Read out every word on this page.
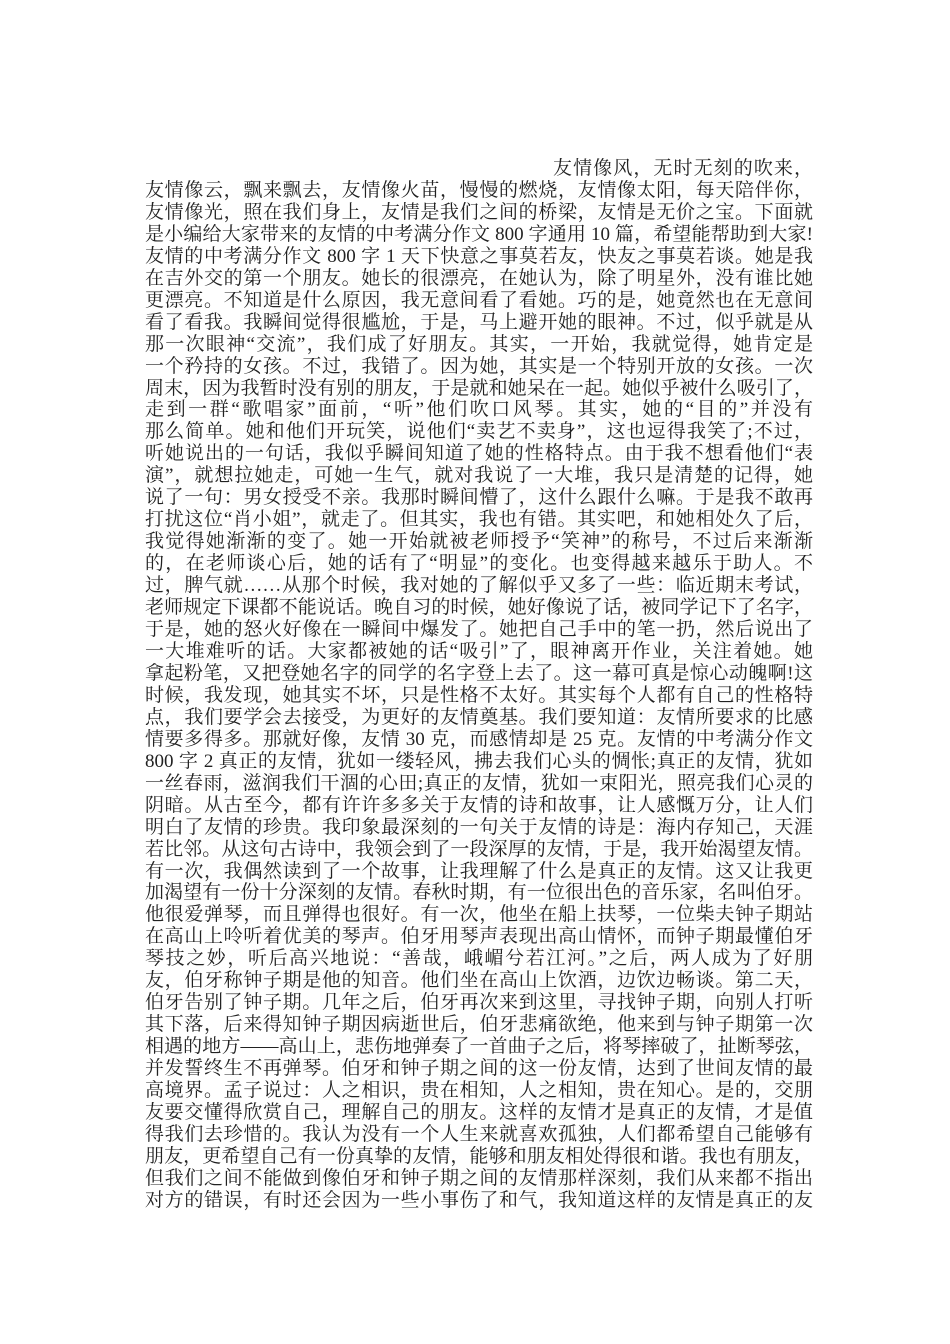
友情像风，无时无刻的吹来，
友情像云，飘来飘去，友情像火苗，慢慢的燃烧，友情像太阳，每天陪伴你，
友情像光，照在我们身上，友情是我们之间的桥梁，友情是无价之宝。下面就
是小编给大家带来的友情的中考满分作文 800 字通用 10 篇，希望能帮助到大家!
友情的中考满分作文 800 字 1 天下快意之事莫若友，快友之事莫若谈。她是我
在吉外交的第一个朋友。她长的很漂亮，在她认为，除了明星外，没有谁比她
更漂亮。不知道是什么原因，我无意间看了看她。巧的是，她竟然也在无意间
看了看我。我瞬间觉得很尴尬，于是，马上避开她的眼神。不过，似乎就是从
那一次眼神“交流”，我们成了好朋友。其实，一开始，我就觉得，她肯定是
一个矜持的女孩。不过，我错了。因为她，其实是一个特别开放的女孩。一次
周末，因为我暂时没有别的朋友，于是就和她呆在一起。她似乎被什么吸引了，
走到一群“歌唱家”面前，“听”他们吹口风琴。其实，她的“目的”并没有
那么简单。她和他们开玩笑，说他们“卖艺不卖身”，这也逗得我笑了;不过，
听她说出的一句话，我似乎瞬间知道了她的性格特点。由于我不想看他们“表
演”，就想拉她走，可她一生气，就对我说了一大堆，我只是清楚的记得，她
说了一句：男女授受不亲。我那时瞬间懵了，这什么跟什么嘛。于是我不敢再
打扰这位“肖小姐”，就走了。但其实，我也有错。其实吧，和她相处久了后，
我觉得她渐渐的变了。她一开始就被老师授予“笑神”的称号，不过后来渐渐
的，在老师谈心后，她的话有了“明显”的变化。也变得越来越乐于助人。不
过，脾气就……从那个时候，我对她的了解似乎又多了一些：临近期末考试，
老师规定下课都不能说话。晚自习的时候，她好像说了话，被同学记下了名字，
于是，她的怒火好像在一瞬间中爆发了。她把自己手中的笔一扔，然后说出了
一大堆难听的话。大家都被她的话“吸引”了，眼神离开作业，关注着她。她
拿起粉笔，又把登她名字的同学的名字登上去了。这一幕可真是惊心动魄啊!这
时候，我发现，她其实不坏，只是性格不太好。其实每个人都有自己的性格特
点，我们要学会去接受，为更好的友情奠基。我们要知道：友情所要求的比感
情要多得多。那就好像，友情 30 克，而感情却是 25 克。友情的中考满分作文
800 字 2 真正的友情，犹如一缕轻风，拂去我们心头的惆怅;真正的友情，犹如
一丝春雨，滋润我们干涸的心田;真正的友情，犹如一束阳光，照亮我们心灵的
阴暗。从古至今，都有许许多多关于友情的诗和故事，让人感慨万分，让人们
明白了友情的珍贵。我印象最深刻的一句关于友情的诗是：海内存知己，天涯
若比邻。从这句古诗中，我领会到了一段深厚的友情，于是，我开始渴望友情。
有一次，我偶然读到了一个故事，让我理解了什么是真正的友情。这又让我更
加渴望有一份十分深刻的友情。春秋时期，有一位很出色的音乐家，名叫伯牙。
他很爱弹琴，而且弹得也很好。有一次，他坐在船上扶琴，一位柴夫钟子期站
在高山上呤听着优美的琴声。伯牙用琴声表现出高山情怀，而钟子期最懂伯牙
琴技之妙，听后高兴地说：“善哉，峨嵋兮若江河。”之后，两人成为了好朋
友，伯牙称钟子期是他的知音。他们坐在高山上饮酒，边饮边畅谈。第二天，
伯牙告别了钟子期。几年之后，伯牙再次来到这里，寻找钟子期，向别人打听
其下落，后来得知钟子期因病逝世后，伯牙悲痛欲绝，他来到与钟子期第一次
相遇的地方——高山上，悲伤地弹奏了一首曲子之后，将琴摔破了，扯断琴弦，
并发誓终生不再弹琴。伯牙和钟子期之间的这一份友情，达到了世间友情的最
高境界。孟子说过：人之相识，贵在相知，人之相知，贵在知心。是的，交朋
友要交懂得欣赏自己，理解自己的朋友。这样的友情才是真正的友情，才是值
得我们去珍惜的。我认为没有一个人生来就喜欢孤独，人们都希望自己能够有
朋友，更希望自己有一份真挚的友情，能够和朋友相处得很和谐。我也有朋友，
但我们之间不能做到像伯牙和钟子期之间的友情那样深刻，我们从来都不指出
对方的错误，有时还会因为一些小事伤了和气，我知道这样的友情是真正的友
